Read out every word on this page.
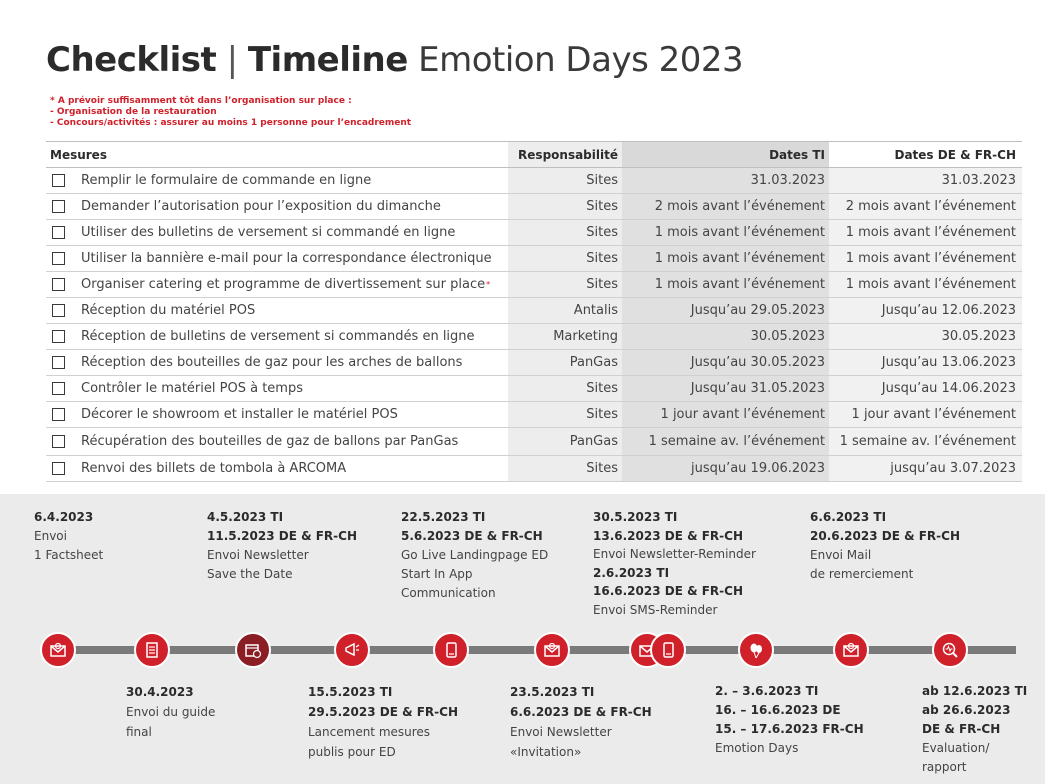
Checklist | Timeline Emotion Days 2023
* A prévoir suffisamment tôt dans l’organisation sur place :
- Organisation de la restauration
- Concours/activités : assurer au moins 1 personne pour l’encadrement
Mesures	Responsabilité	Dates TI	Dates DE & FR-CH
Remplir le formulaire de commande en ligne	Sites	31.03.2023	31.03.2023
Demander l’autorisation pour l’exposition du dimanche	Sites	2 mois avant l’événement	2 mois avant l’événement
Utiliser des bulletins de versement si commandé en ligne	Sites	1 mois avant l’événement	1 mois avant l’événement
Utiliser la bannière e-mail pour la correspondance électronique	Sites	1 mois avant l’événement	1 mois avant l’événement
Organiser catering et programme de divertissement sur place *	Sites	1 mois avant l’événement	1 mois avant l’événement
Réception du matériel POS	Antalis	Jusqu’au 29.05.2023	Jusqu’au 12.06.2023
Réception de bulletins de versement si commandés en ligne	Marketing	30.05.2023	30.05.2023
Réception des bouteilles de gaz pour les arches de ballons	PanGas	Jusqu’au 30.05.2023	Jusqu’au 13.06.2023
Contrôler le matériel POS à temps	Sites	Jusqu’au 31.05.2023	Jusqu’au 14.06.2023
Décorer le showroom et installer le matériel POS	Sites	1 jour avant l’événement	1 jour avant l’événement
Récupération des bouteilles de gaz de ballons par PanGas	PanGas	1 semaine av. l’événement	1 semaine av. l’événement
Renvoi des billets de tombola à ARCOMA	Sites	jusqu’au 19.06.2023	jusqu’au 3.07.2023
6.4.2023
Envoi
1 Factsheet
4.5.2023 TI
11.5.2023 DE & FR-CH
Envoi Newsletter
Save the Date
22.5.2023 TI
5.6.2023 DE & FR-CH
Go Live Landingpage ED
Start In App
Communication
30.5.2023 TI
13.6.2023 DE & FR-CH
Envoi Newsletter-Reminder
2.6.2023 TI
16.6.2023 DE & FR-CH
Envoi SMS-Reminder
6.6.2023 TI
20.6.2023 DE & FR-CH
Envoi Mail
de remerciement
30.4.2023
Envoi du guide
final
15.5.2023 TI
29.5.2023 DE & FR-CH
Lancement mesures
publis pour ED
23.5.2023 TI
6.6.2023 DE & FR-CH
Envoi Newsletter
«Invitation»
2. – 3.6.2023 TI
16. – 16.6.2023 DE
15. – 17.6.2023 FR-CH
Emotion Days
ab 12.6.2023 TI
ab 26.6.2023
DE & FR-CH
Evaluation/
rapport
